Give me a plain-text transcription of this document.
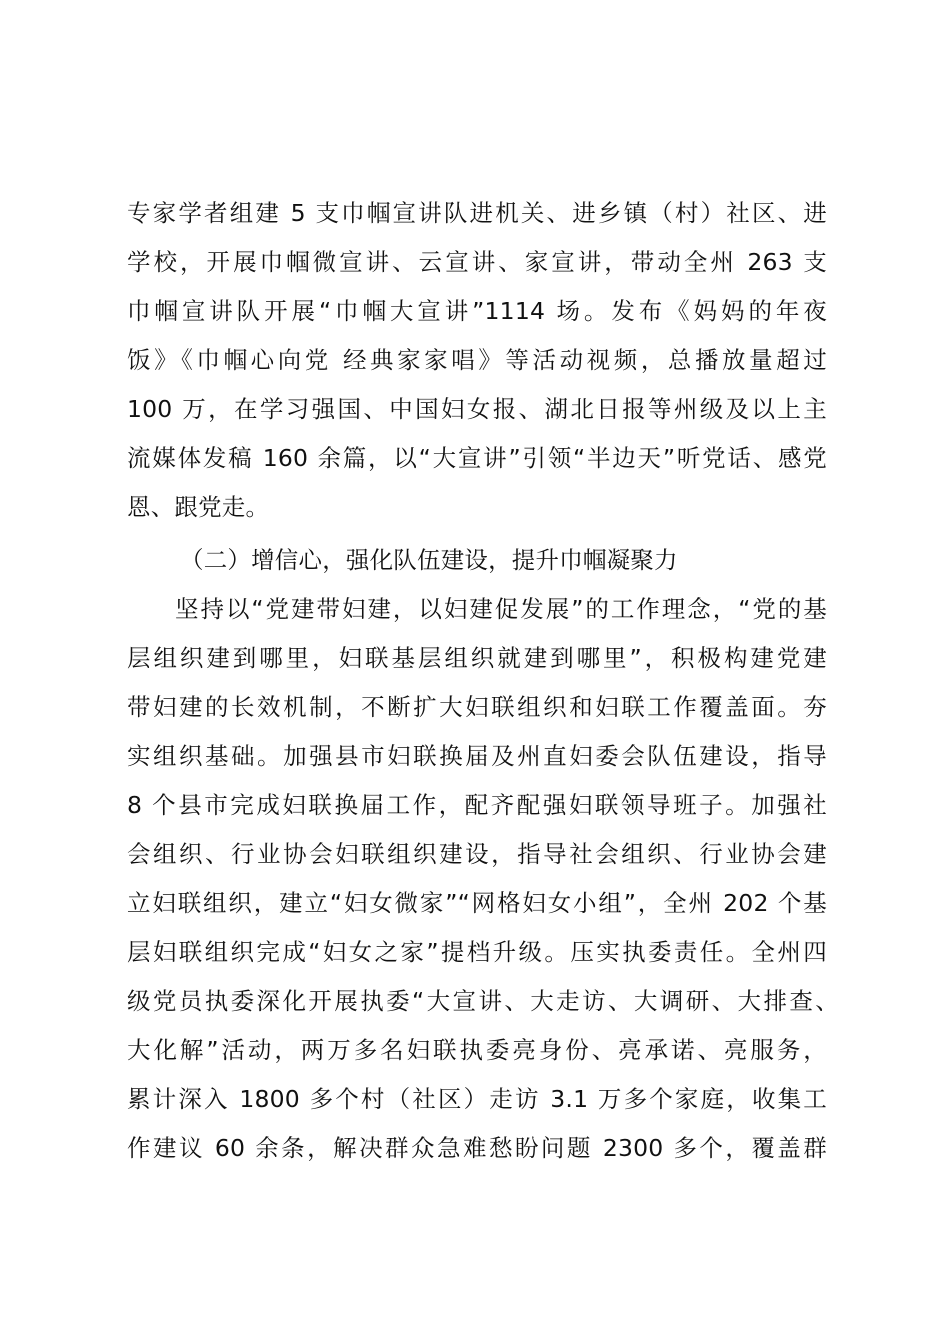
专家学者组建 5 支巾帼宣讲队进机关、进乡镇（村）社区、进
学校，开展巾帼微宣讲、云宣讲、家宣讲，带动全州 263 支
巾帼宣讲队开展“巾帼大宣讲”1114 场。发布《妈妈的年夜
饭》《巾帼心向党 经典家家唱》等活动视频，总播放量超过
100 万，在学习强国、中国妇女报、湖北日报等州级及以上主
流媒体发稿 160 余篇，以“大宣讲”引领“半边天”听党话、感党
恩、跟党走。
（二）增信心，强化队伍建设，提升巾帼凝聚力
坚持以“党建带妇建，以妇建促发展”的工作理念，“党的基
层组织建到哪里，妇联基层组织就建到哪里”，积极构建党建
带妇建的长效机制，不断扩大妇联组织和妇联工作覆盖面。夯
实组织基础。加强县市妇联换届及州直妇委会队伍建设，指导
8 个县市完成妇联换届工作，配齐配强妇联领导班子。加强社
会组织、行业协会妇联组织建设，指导社会组织、行业协会建
立妇联组织，建立“妇女微家”“网格妇女小组”，全州 202 个基
层妇联组织完成“妇女之家”提档升级。压实执委责任。全州四
级党员执委深化开展执委“大宣讲、大走访、大调研、大排查、
大化解”活动，两万多名妇联执委亮身份、亮承诺、亮服务，
累计深入 1800 多个村（社区）走访 3.1 万多个家庭，收集工
作建议 60 余条，解决群众急难愁盼问题 2300 多个，覆盖群
